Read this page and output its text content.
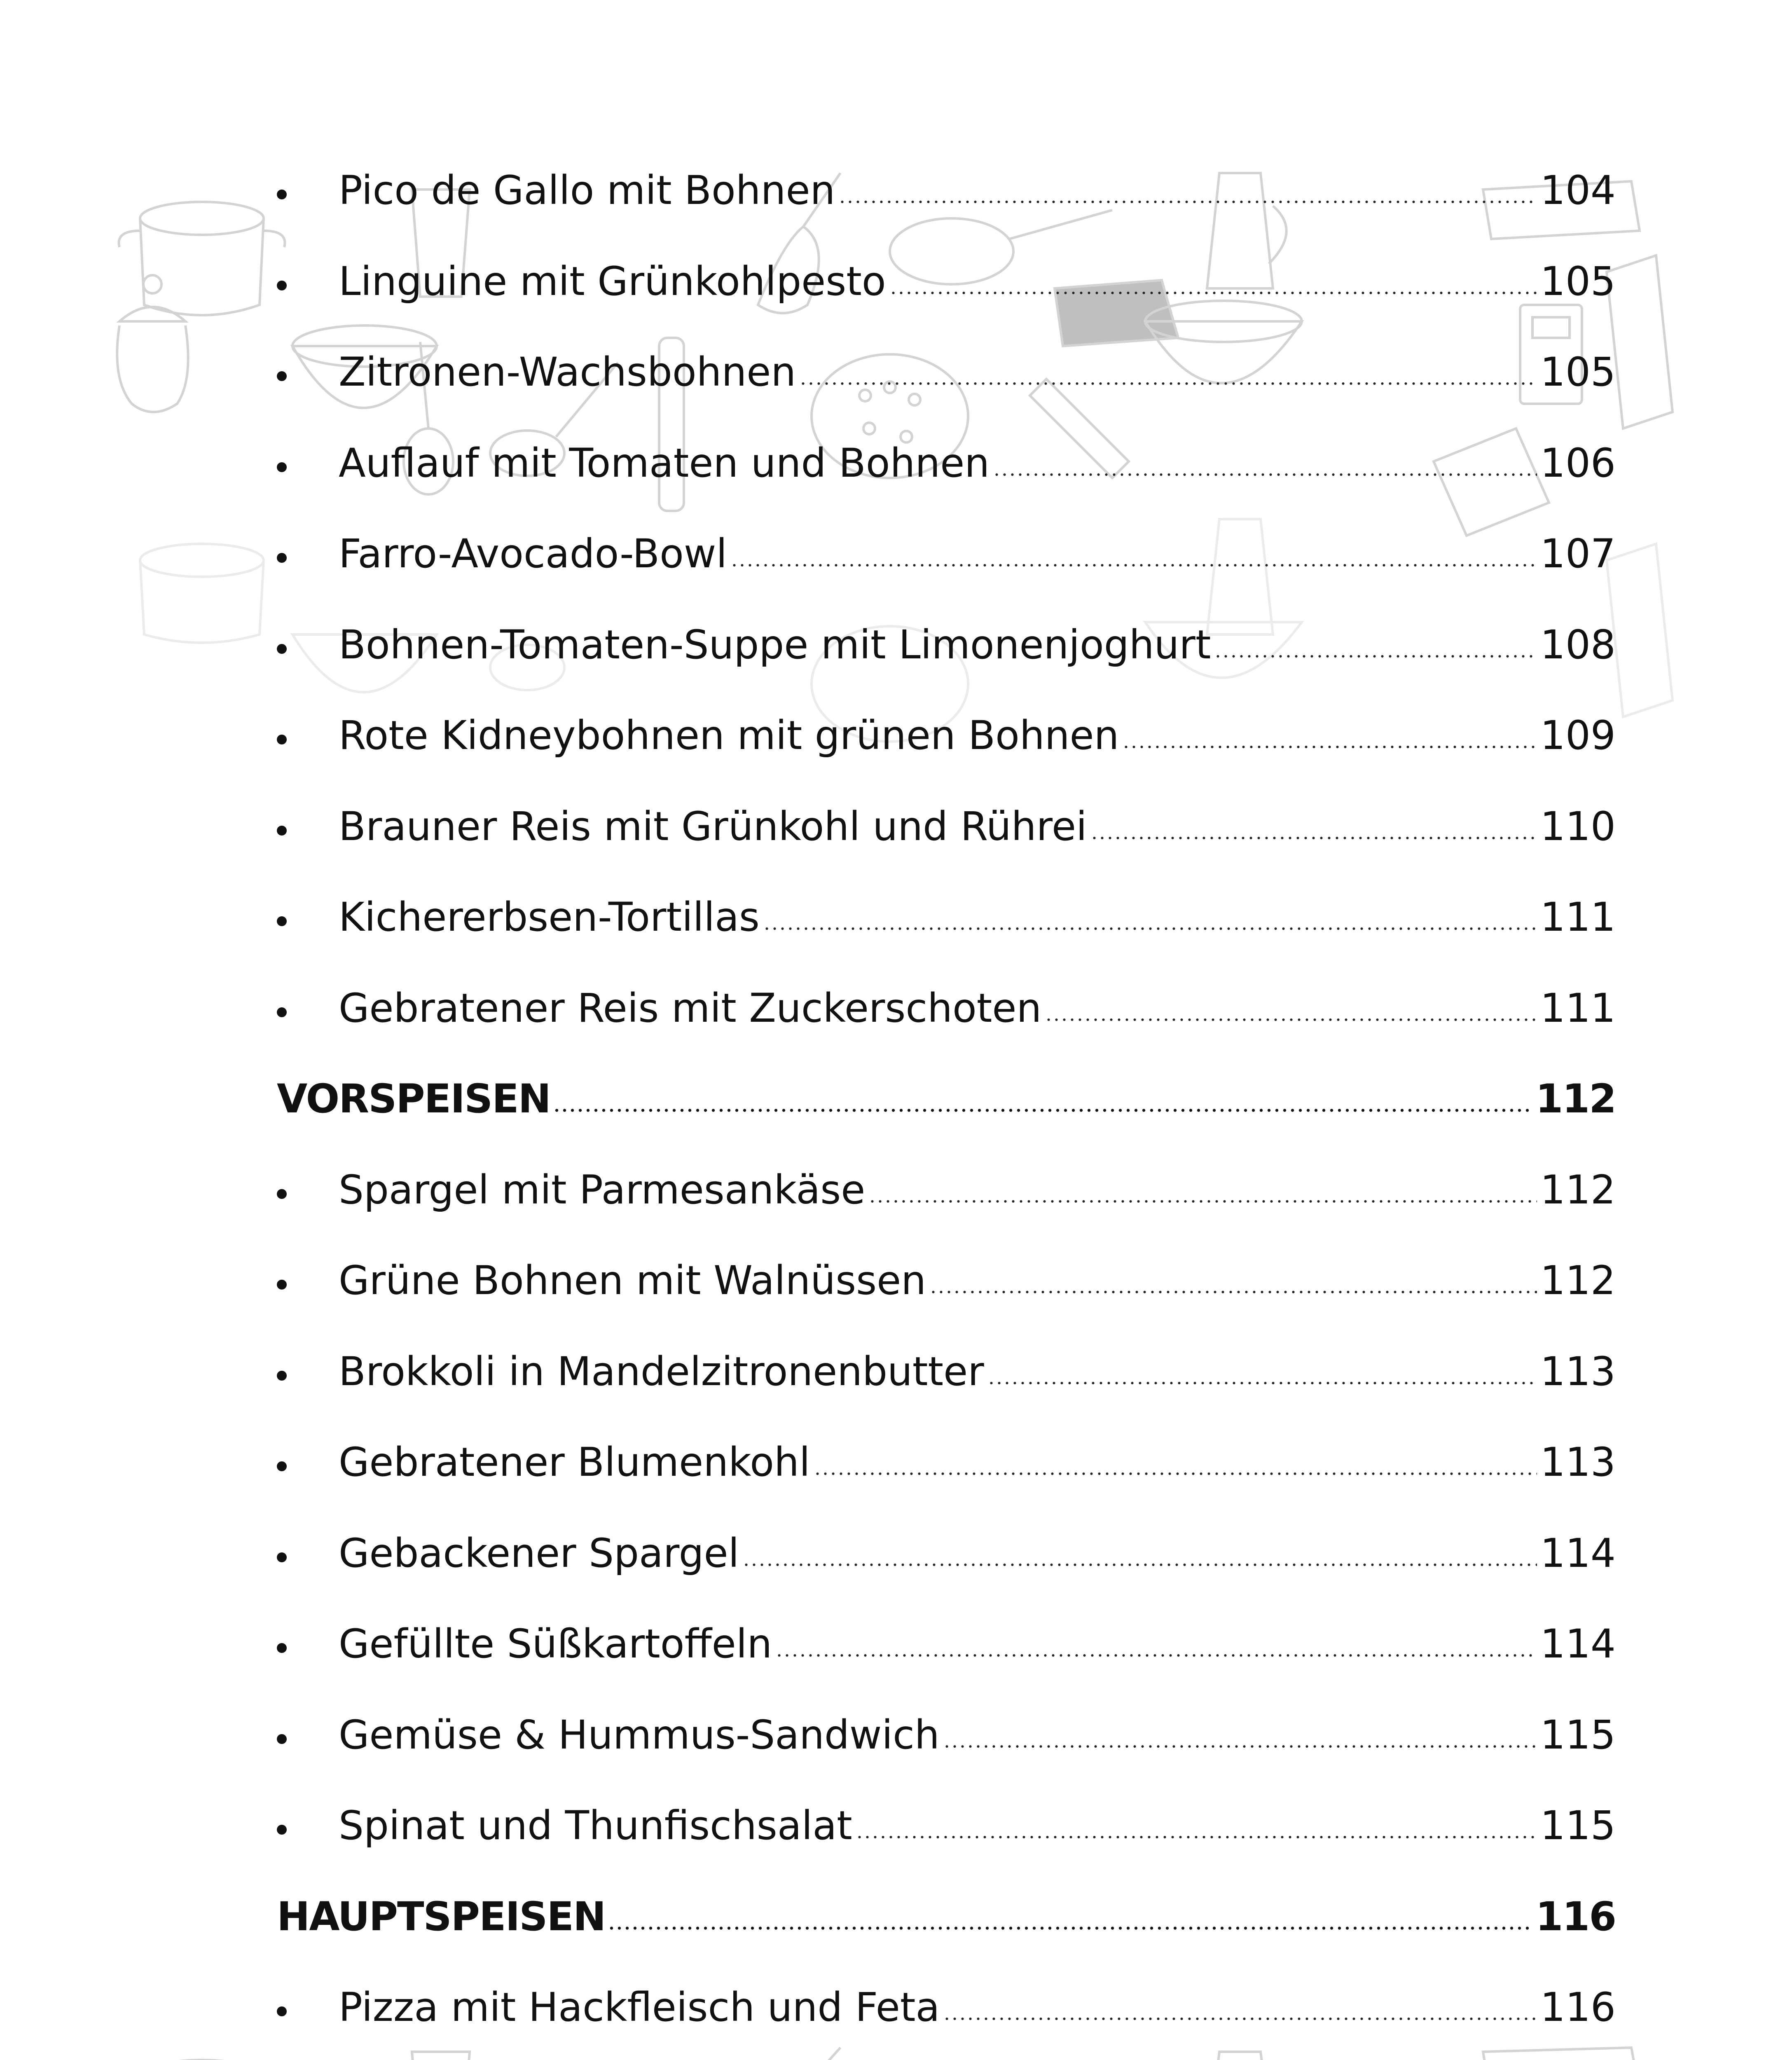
Pico de Gallo mit Bohnen	104
Linguine mit Grünkohlpesto	105
Zitronen-Wachsbohnen	105
Auflauf mit Tomaten und Bohnen	106
Farro-Avocado-Bowl	107
Bohnen-Tomaten-Suppe mit Limonenjoghurt	108
Rote Kidneybohnen mit grünen Bohnen	109
Brauner Reis mit Grünkohl und Rührei	110
Kichererbsen-Tortillas	111
Gebratener Reis mit Zuckerschoten	111
VORSPEISEN	112
Spargel mit Parmesankäse	112
Grüne Bohnen mit Walnüssen	112
Brokkoli in Mandelzitronenbutter	113
Gebratener Blumenkohl	113
Gebackener Spargel	114
Gefüllte Süßkartoffeln	114
Gemüse & Hummus-Sandwich	115
Spinat und Thunfischsalat	115
HAUPTSPEISEN	116
Pizza mit Hackfleisch und Feta	116
